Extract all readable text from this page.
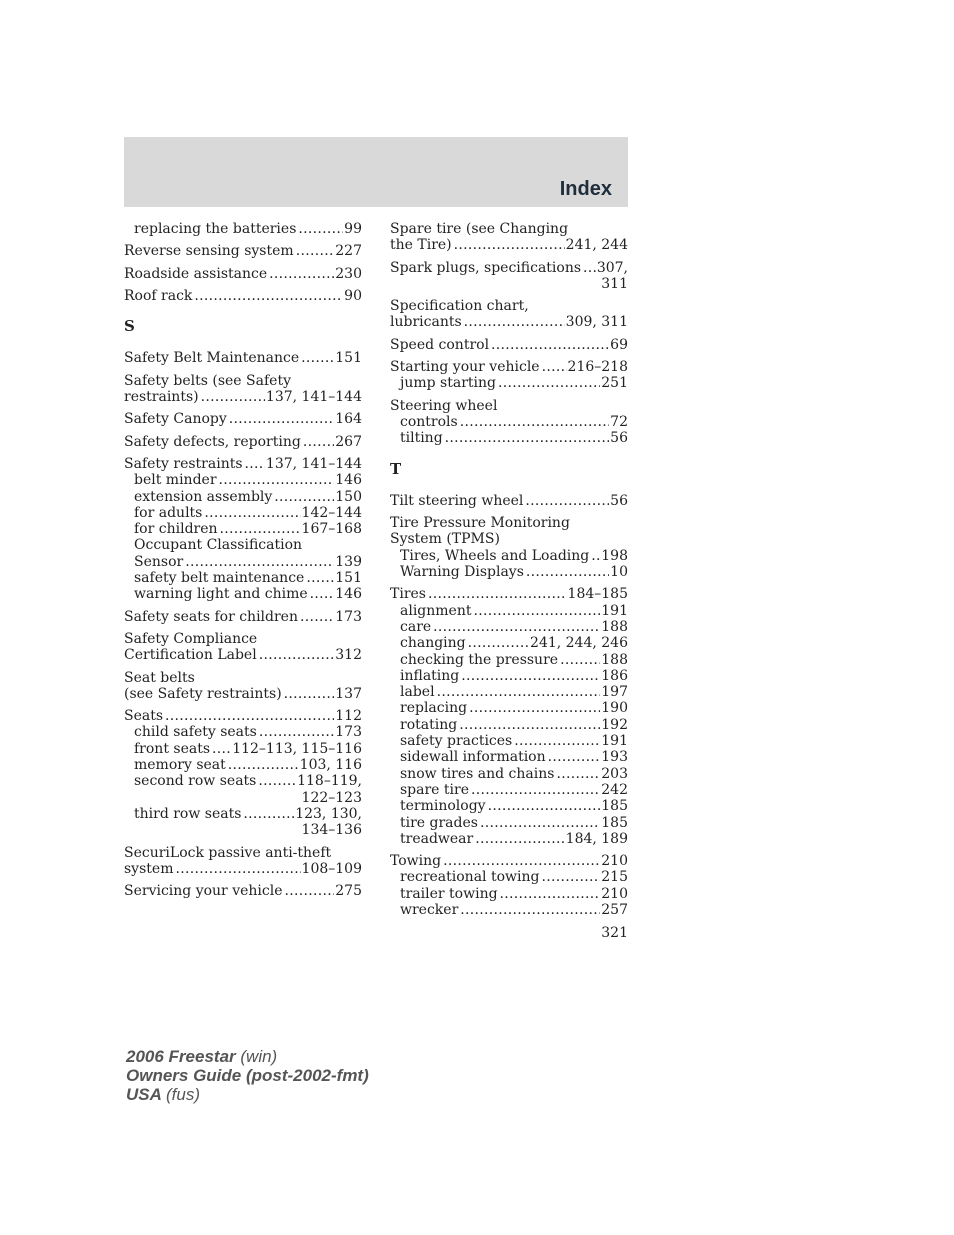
Index
replacing the batteries .....	99
Reverse sensing system .....	227
Roadside assistance .....	230
Roof rack .....	90
S
Safety Belt Maintenance .....	151
Safety belts (see Safety
restraints) .....	137, 141–144
Safety Canopy .....	164
Safety defects, reporting ..... 267
Safety restraints ..... 137, 141–144
belt minder .....	146
extension assembly .....	150
for adults .....	142–144
for children .....	167–168
Occupant Classification
Sensor .....	139
safety belt maintenance ..... 151
warning light and chime ..... 146
Safety seats for children .....	173
Safety Compliance
Certification Label .....	312
Seat belts
(see Safety restraints) .....	137
Seats .....	112
child safety seats .....	173
front seats ..... 112–113, 115–116
memory seat .....	103, 116
second row seats .....	118–119,
122–123
third row seats .....	123, 130,
134–136
SecuriLock passive anti-theft
system .....	108–109
Servicing your vehicle .....	275
Spare tire (see Changing
the Tire) .....	241, 244
Spark plugs, specifications ..... 307,
311
Specification chart,
lubricants .....	309, 311
Speed control .....	69
Starting your vehicle ..... 216–218
jump starting .....	251
Steering wheel
controls .....	72
tilting .....	56
T
Tilt steering wheel .....	56
Tire Pressure Monitoring
System (TPMS)
Tires, Wheels and Loading ..... 198
Warning Displays .....	10
Tires .....	184–185
alignment .....	191
care .....	188
changing .....	241, 244, 246
checking the pressure .....	188
inflating .....	186
label .....	197
replacing .....	190
rotating .....	192
safety practices .....	191
sidewall information .....	193
snow tires and chains .....	203
spare tire .....	242
terminology .....	185
tire grades .....	185
treadwear .....	184, 189
Towing .....	210
recreational towing .....	215
trailer towing .....	210
wrecker .....	257
321
2006 Freestar (win)
Owners Guide (post-2002-fmt)
USA (fus)
